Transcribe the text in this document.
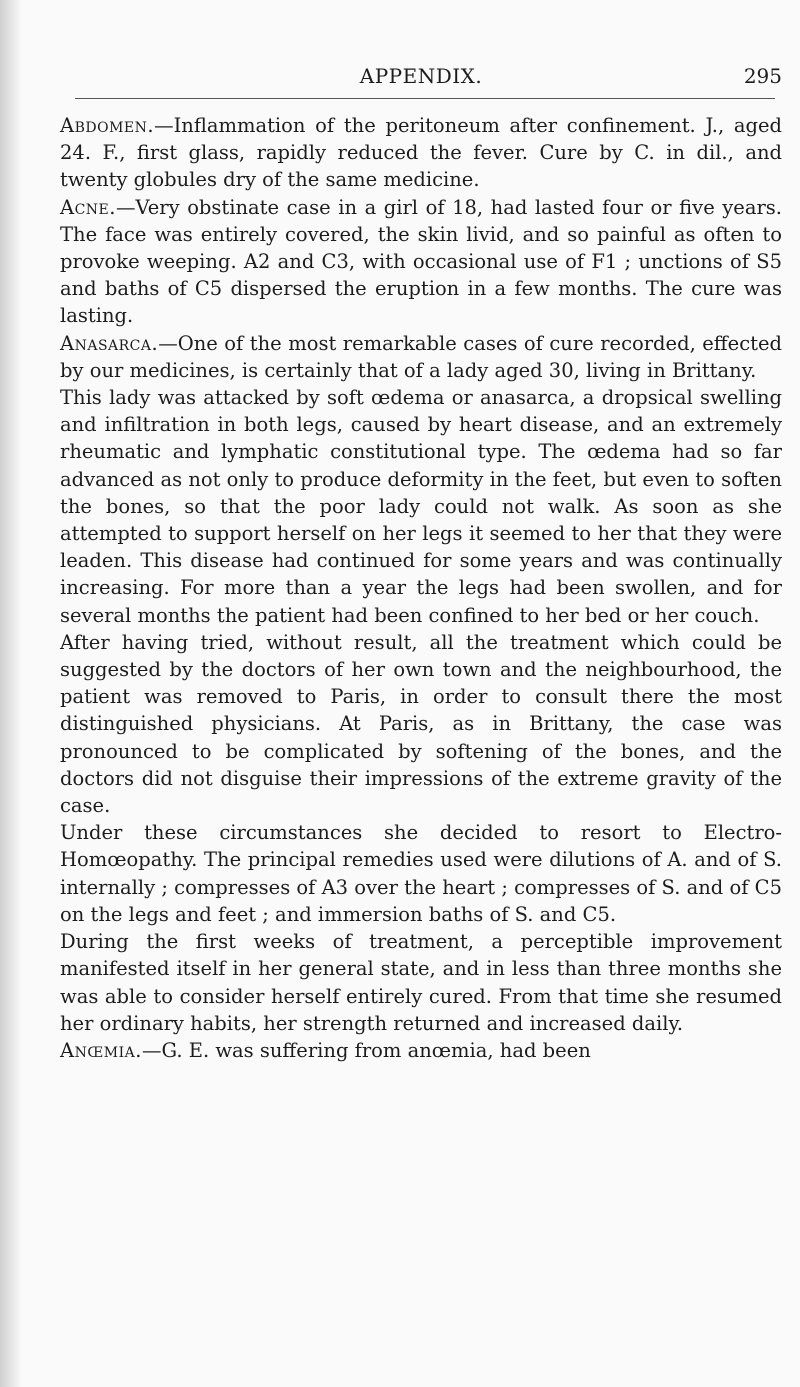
APPENDIX.	295

Abdomen.—Inflammation of the peritoneum after confinement. J., aged 24. F., first glass, rapidly reduced the fever. Cure by C. in dil., and twenty globules dry of the same medicine.

Acne.—Very obstinate case in a girl of 18, had lasted four or five years. The face was entirely covered, the skin livid, and so painful as often to provoke weeping. A2 and C3, with occasional use of F1 ; unctions of S5 and baths of C5 dispersed the eruption in a few months. The cure was lasting.

Anasarca.—One of the most remarkable cases of cure recorded, effected by our medicines, is certainly that of a lady aged 30, living in Brittany.

This lady was attacked by soft œdema or anasarca, a dropsical swelling and infiltration in both legs, caused by heart disease, and an extremely rheumatic and lymphatic constitutional type. The œdema had so far advanced as not only to produce deformity in the feet, but even to soften the bones, so that the poor lady could not walk. As soon as she attempted to support herself on her legs it seemed to her that they were leaden. This disease had continued for some years and was continually increasing. For more than a year the legs had been swollen, and for several months the patient had been confined to her bed or her couch.

After having tried, without result, all the treatment which could be suggested by the doctors of her own town and the neighbourhood, the patient was removed to Paris, in order to consult there the most distinguished physicians. At Paris, as in Brittany, the case was pronounced to be complicated by softening of the bones, and the doctors did not disguise their impressions of the extreme gravity of the case.

Under these circumstances she decided to resort to Electro-Homœopathy. The principal remedies used were dilutions of A. and of S. internally ; compresses of A3 over the heart ; compresses of S. and of C5 on the legs and feet ; and immersion baths of S. and C5.

During the first weeks of treatment, a perceptible improvement manifested itself in her general state, and in less than three months she was able to consider herself entirely cured. From that time she resumed her ordinary habits, her strength returned and increased daily.

Anœmia.—G. E. was suffering from anœmia, had been
